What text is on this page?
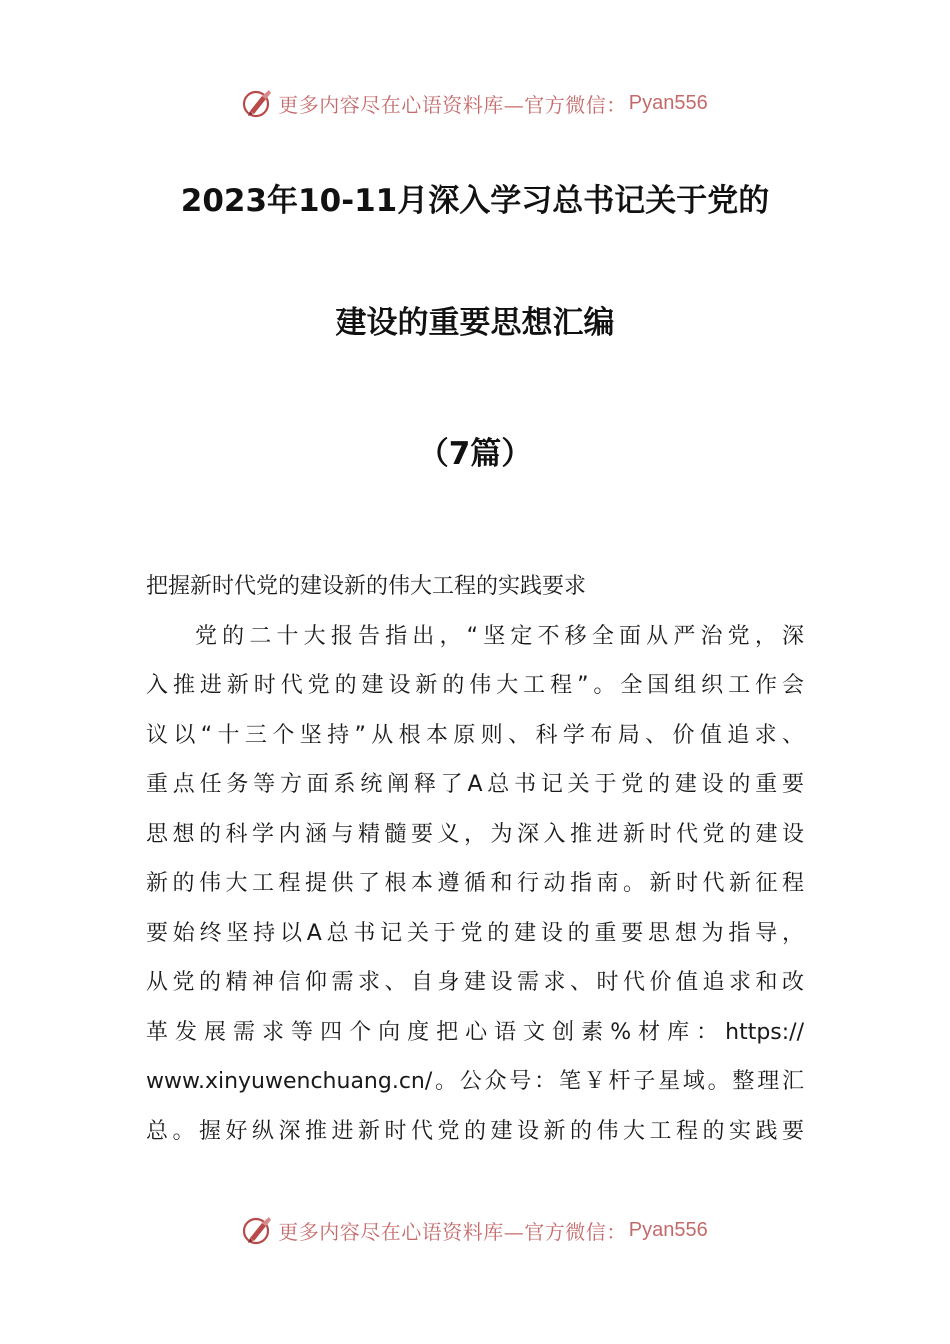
更多内容尽在心语资料库—官方微信： Pyan556
2023年10-11月深入学习总书记关于党的
建设的重要思想汇编
（7篇）
把握新时代党的建设新的伟大工程的实践要求
党的二十大报告指出，“坚定不移全面从严治党，深
入推进新时代党的建设新的伟大工程”。全国组织工作会
议以“十三个坚持”从根本原则、科学布局、价值追求、
重点任务等方面系统阐释了A总书记关于党的建设的重要
思想的科学内涵与精髓要义，为深入推进新时代党的建设
新的伟大工程提供了根本遵循和行动指南。新时代新征程
要始终坚持以A总书记关于党的建设的重要思想为指导，
从党的精神信仰需求、自身建设需求、时代价值追求和改
革发展需求等四个向度把心语文创素%材库：https://
www.xinyuwenchuang.cn/。公众号：笔￥杆子星域。整理汇
总。握好纵深推进新时代党的建设新的伟大工程的实践要
更多内容尽在心语资料库—官方微信： Pyan556
